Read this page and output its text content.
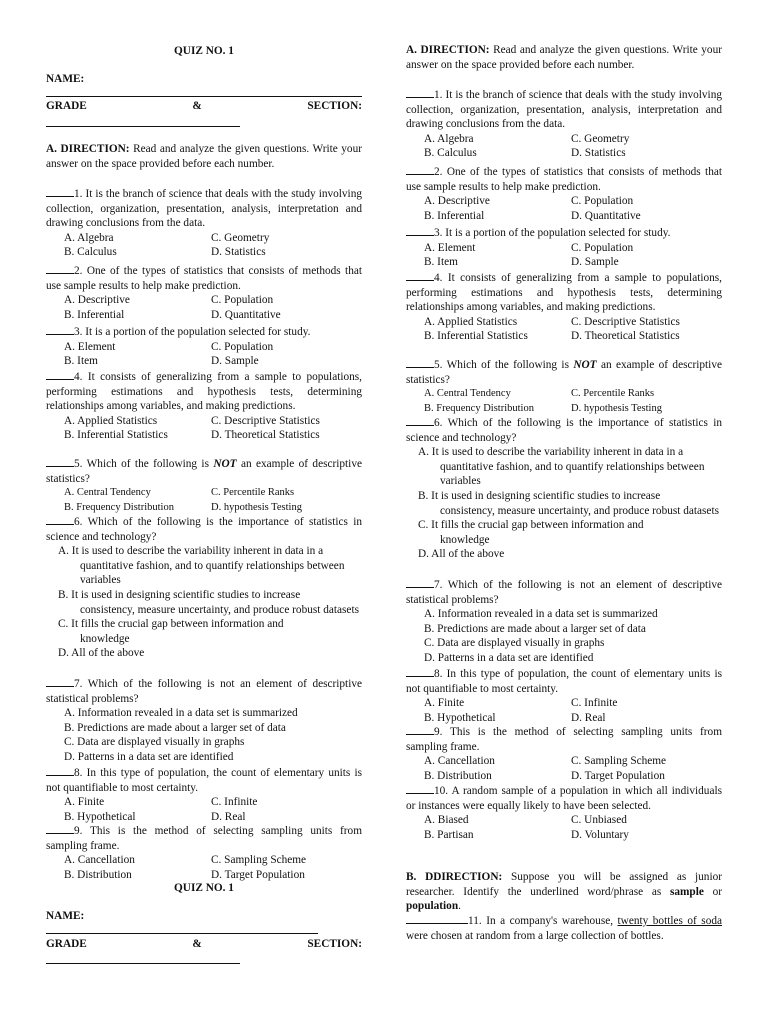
QUIZ NO. 1
NAME:
GRADE	&	SECTION:
A. DIRECTION: Read and analyze the given questions. Write your answer on the space provided before each number.
1. It is the branch of science that deals with the study involving collection, organization, presentation, analysis, interpretation and drawing conclusions from the data.
A. Algebra	C. Geometry
B. Calculus	D. Statistics
2. One of the types of statistics that consists of methods that use sample results to help make prediction.
A. Descriptive	C. Population
B. Inferential	D. Quantitative
3. It is a portion of the population selected for study.
A. Element	C. Population
B. Item	D. Sample
4. It consists of generalizing from a sample to populations, performing estimations and hypothesis tests, determining relationships among variables, and making predictions.
A. Applied Statistics	C. Descriptive Statistics
B. Inferential Statistics	D. Theoretical Statistics
5. Which of the following is NOT an example of descriptive statistics?
A. Central Tendency	C. Percentile Ranks
B. Frequency Distribution	D. hypothesis Testing
6. Which of the following is the importance of statistics in science and technology?
A. It is used to describe the variability inherent in data in a
quantitative fashion, and to quantify relationships between variables
B. It is used in designing scientific studies to increase
consistency, measure uncertainty, and produce robust datasets
C. It fills the crucial gap between information and
knowledge
D. All of the above
7. Which of the following is not an element of descriptive statistical problems?
A. Information revealed in a data set is summarized
B. Predictions are made about a larger set of data
C. Data are displayed visually in graphs
D. Patterns in a data set are identified
8. In this type of population, the count of elementary units is not quantifiable to most certainty.
A. Finite	C. Infinite
B. Hypothetical	D. Real
9. This is the method of selecting sampling units from sampling frame.
A. Cancellation	C. Sampling Scheme
B. Distribution	D. Target Population
QUIZ NO. 1
NAME:
GRADE	&	SECTION:
A. DIRECTION: Read and analyze the given questions. Write your answer on the space provided before each number.
1. It is the branch of science that deals with the study involving collection, organization, presentation, analysis, interpretation and drawing conclusions from the data.
A. Algebra	C. Geometry
B. Calculus	D. Statistics
2. One of the types of statistics that consists of methods that use sample results to help make prediction.
A. Descriptive	C. Population
B. Inferential	D. Quantitative
3. It is a portion of the population selected for study.
A. Element	C. Population
B. Item	D. Sample
4. It consists of generalizing from a sample to populations, performing estimations and hypothesis tests, determining relationships among variables, and making predictions.
A. Applied Statistics	C. Descriptive Statistics
B. Inferential Statistics	D. Theoretical Statistics
5. Which of the following is NOT an example of descriptive statistics?
A. Central Tendency	C. Percentile Ranks
B. Frequency Distribution	D. hypothesis Testing
6. Which of the following is the importance of statistics in science and technology?
A. It is used to describe the variability inherent in data in a
quantitative fashion, and to quantify relationships between variables
B. It is used in designing scientific studies to increase
consistency, measure uncertainty, and produce robust datasets
C. It fills the crucial gap between information and
knowledge
D. All of the above
7. Which of the following is not an element of descriptive statistical problems?
A. Information revealed in a data set is summarized
B. Predictions are made about a larger set of data
C. Data are displayed visually in graphs
D. Patterns in a data set are identified
8. In this type of population, the count of elementary units is not quantifiable to most certainty.
A. Finite	C. Infinite
B. Hypothetical	D. Real
9. This is the method of selecting sampling units from sampling frame.
A. Cancellation	C. Sampling Scheme
B. Distribution	D. Target Population
10. A random sample of a population in which all individuals or instances were equally likely to have been selected.
A. Biased	C. Unbiased
B. Partisan	D. Voluntary
B. DDIRECTION: Suppose you will be assigned as junior researcher. Identify the underlined word/phrase as sample or population.
11. In a company's warehouse, twenty bottles of soda were chosen at random from a large collection of bottles.
